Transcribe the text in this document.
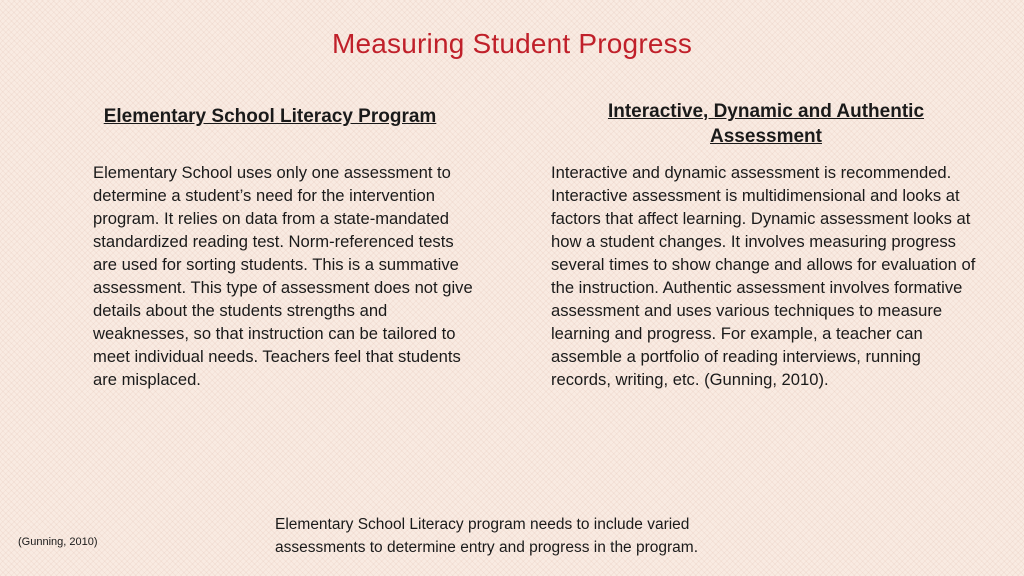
Measuring Student Progress
Elementary School Literacy Program

Elementary School uses only one assessment to determine a student’s need for the intervention program. It relies on data from a state-mandated standardized reading test. Norm-referenced tests are used for sorting students. This is a summative assessment. This type of assessment does not give details about the students strengths and weaknesses, so that instruction can be tailored to meet individual needs. Teachers feel that students are misplaced.

Interactive, Dynamic and Authentic Assessment

Interactive and dynamic assessment is recommended. Interactive assessment is multidimensional and looks at factors that affect learning. Dynamic assessment looks at how a student changes. It involves measuring progress several times to show change and allows for evaluation of the instruction. Authentic assessment involves formative assessment and uses various techniques to measure learning and progress. For example, a teacher can assemble a portfolio of reading interviews, running records, writing, etc. (Gunning, 2010).

(Gunning, 2010)

Elementary School Literacy program needs to include varied assessments to determine entry and progress in the program.
